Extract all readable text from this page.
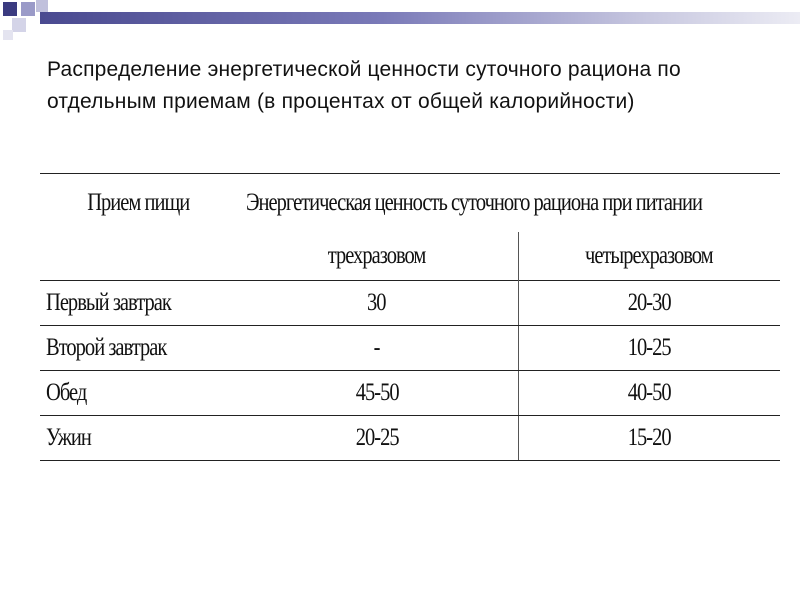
Распределение энергетической ценности суточного рациона по отдельным приемам (в процентах от общей калорийности)
Прием пищи	Энергетическая ценность суточного рациона при питании	
	трехразовом	четырехразовом
Первый завтрак	30	20-30
Второй завтрак	-	10-25
Обед	45-50	40-50
Ужин	20-25	15-20
